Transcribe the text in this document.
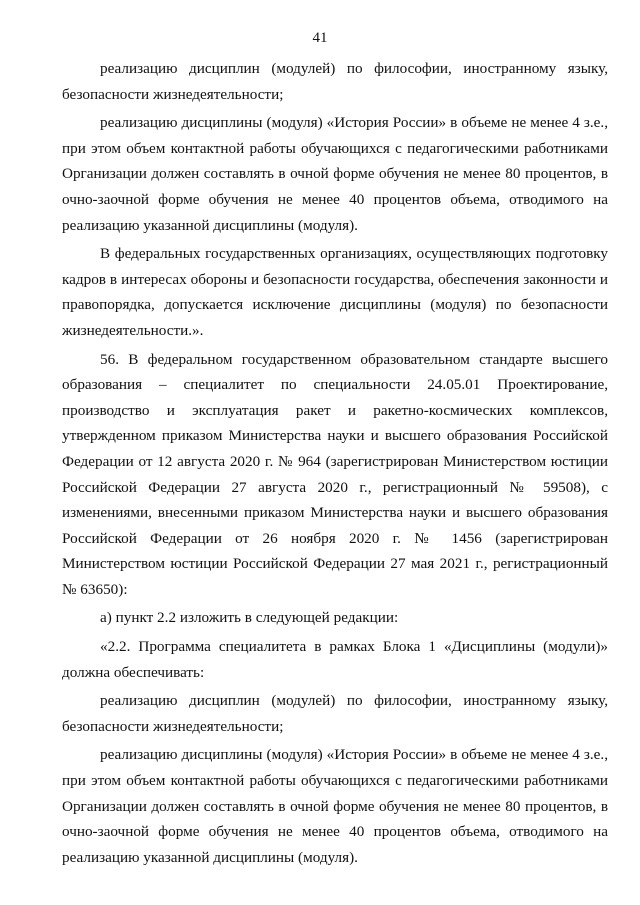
41

реализацию дисциплин (модулей) по философии, иностранному языку, безопасности жизнедеятельности;

реализацию дисциплины (модуля) «История России» в объеме не менее 4 з.е., при этом объем контактной работы обучающихся с педагогическими работниками Организации должен составлять в очной форме обучения не менее 80 процентов, в очно-заочной форме обучения не менее 40 процентов объема, отводимого на реализацию указанной дисциплины (модуля).

В федеральных государственных организациях, осуществляющих подготовку кадров в интересах обороны и безопасности государства, обеспечения законности и правопорядка, допускается исключение дисциплины (модуля) по безопасности жизнедеятельности.».

56. В федеральном государственном образовательном стандарте высшего образования – специалитет по специальности 24.05.01 Проектирование, производство и эксплуатация ракет и ракетно-космических комплексов, утвержденном приказом Министерства науки и высшего образования Российской Федерации от 12 августа 2020 г. № 964 (зарегистрирован Министерством юстиции Российской Федерации 27 августа 2020 г., регистрационный № 59508), с изменениями, внесенными приказом Министерства науки и высшего образования Российской Федерации от 26 ноября 2020 г. № 1456 (зарегистрирован Министерством юстиции Российской Федерации 27 мая 2021 г., регистрационный № 63650):

а) пункт 2.2 изложить в следующей редакции:

«2.2. Программа специалитета в рамках Блока 1 «Дисциплины (модули)» должна обеспечивать:

реализацию дисциплин (модулей) по философии, иностранному языку, безопасности жизнедеятельности;

реализацию дисциплины (модуля) «История России» в объеме не менее 4 з.е., при этом объем контактной работы обучающихся с педагогическими работниками Организации должен составлять в очной форме обучения не менее 80 процентов, в очно-заочной форме обучения не менее 40 процентов объема, отводимого на реализацию указанной дисциплины (модуля).
